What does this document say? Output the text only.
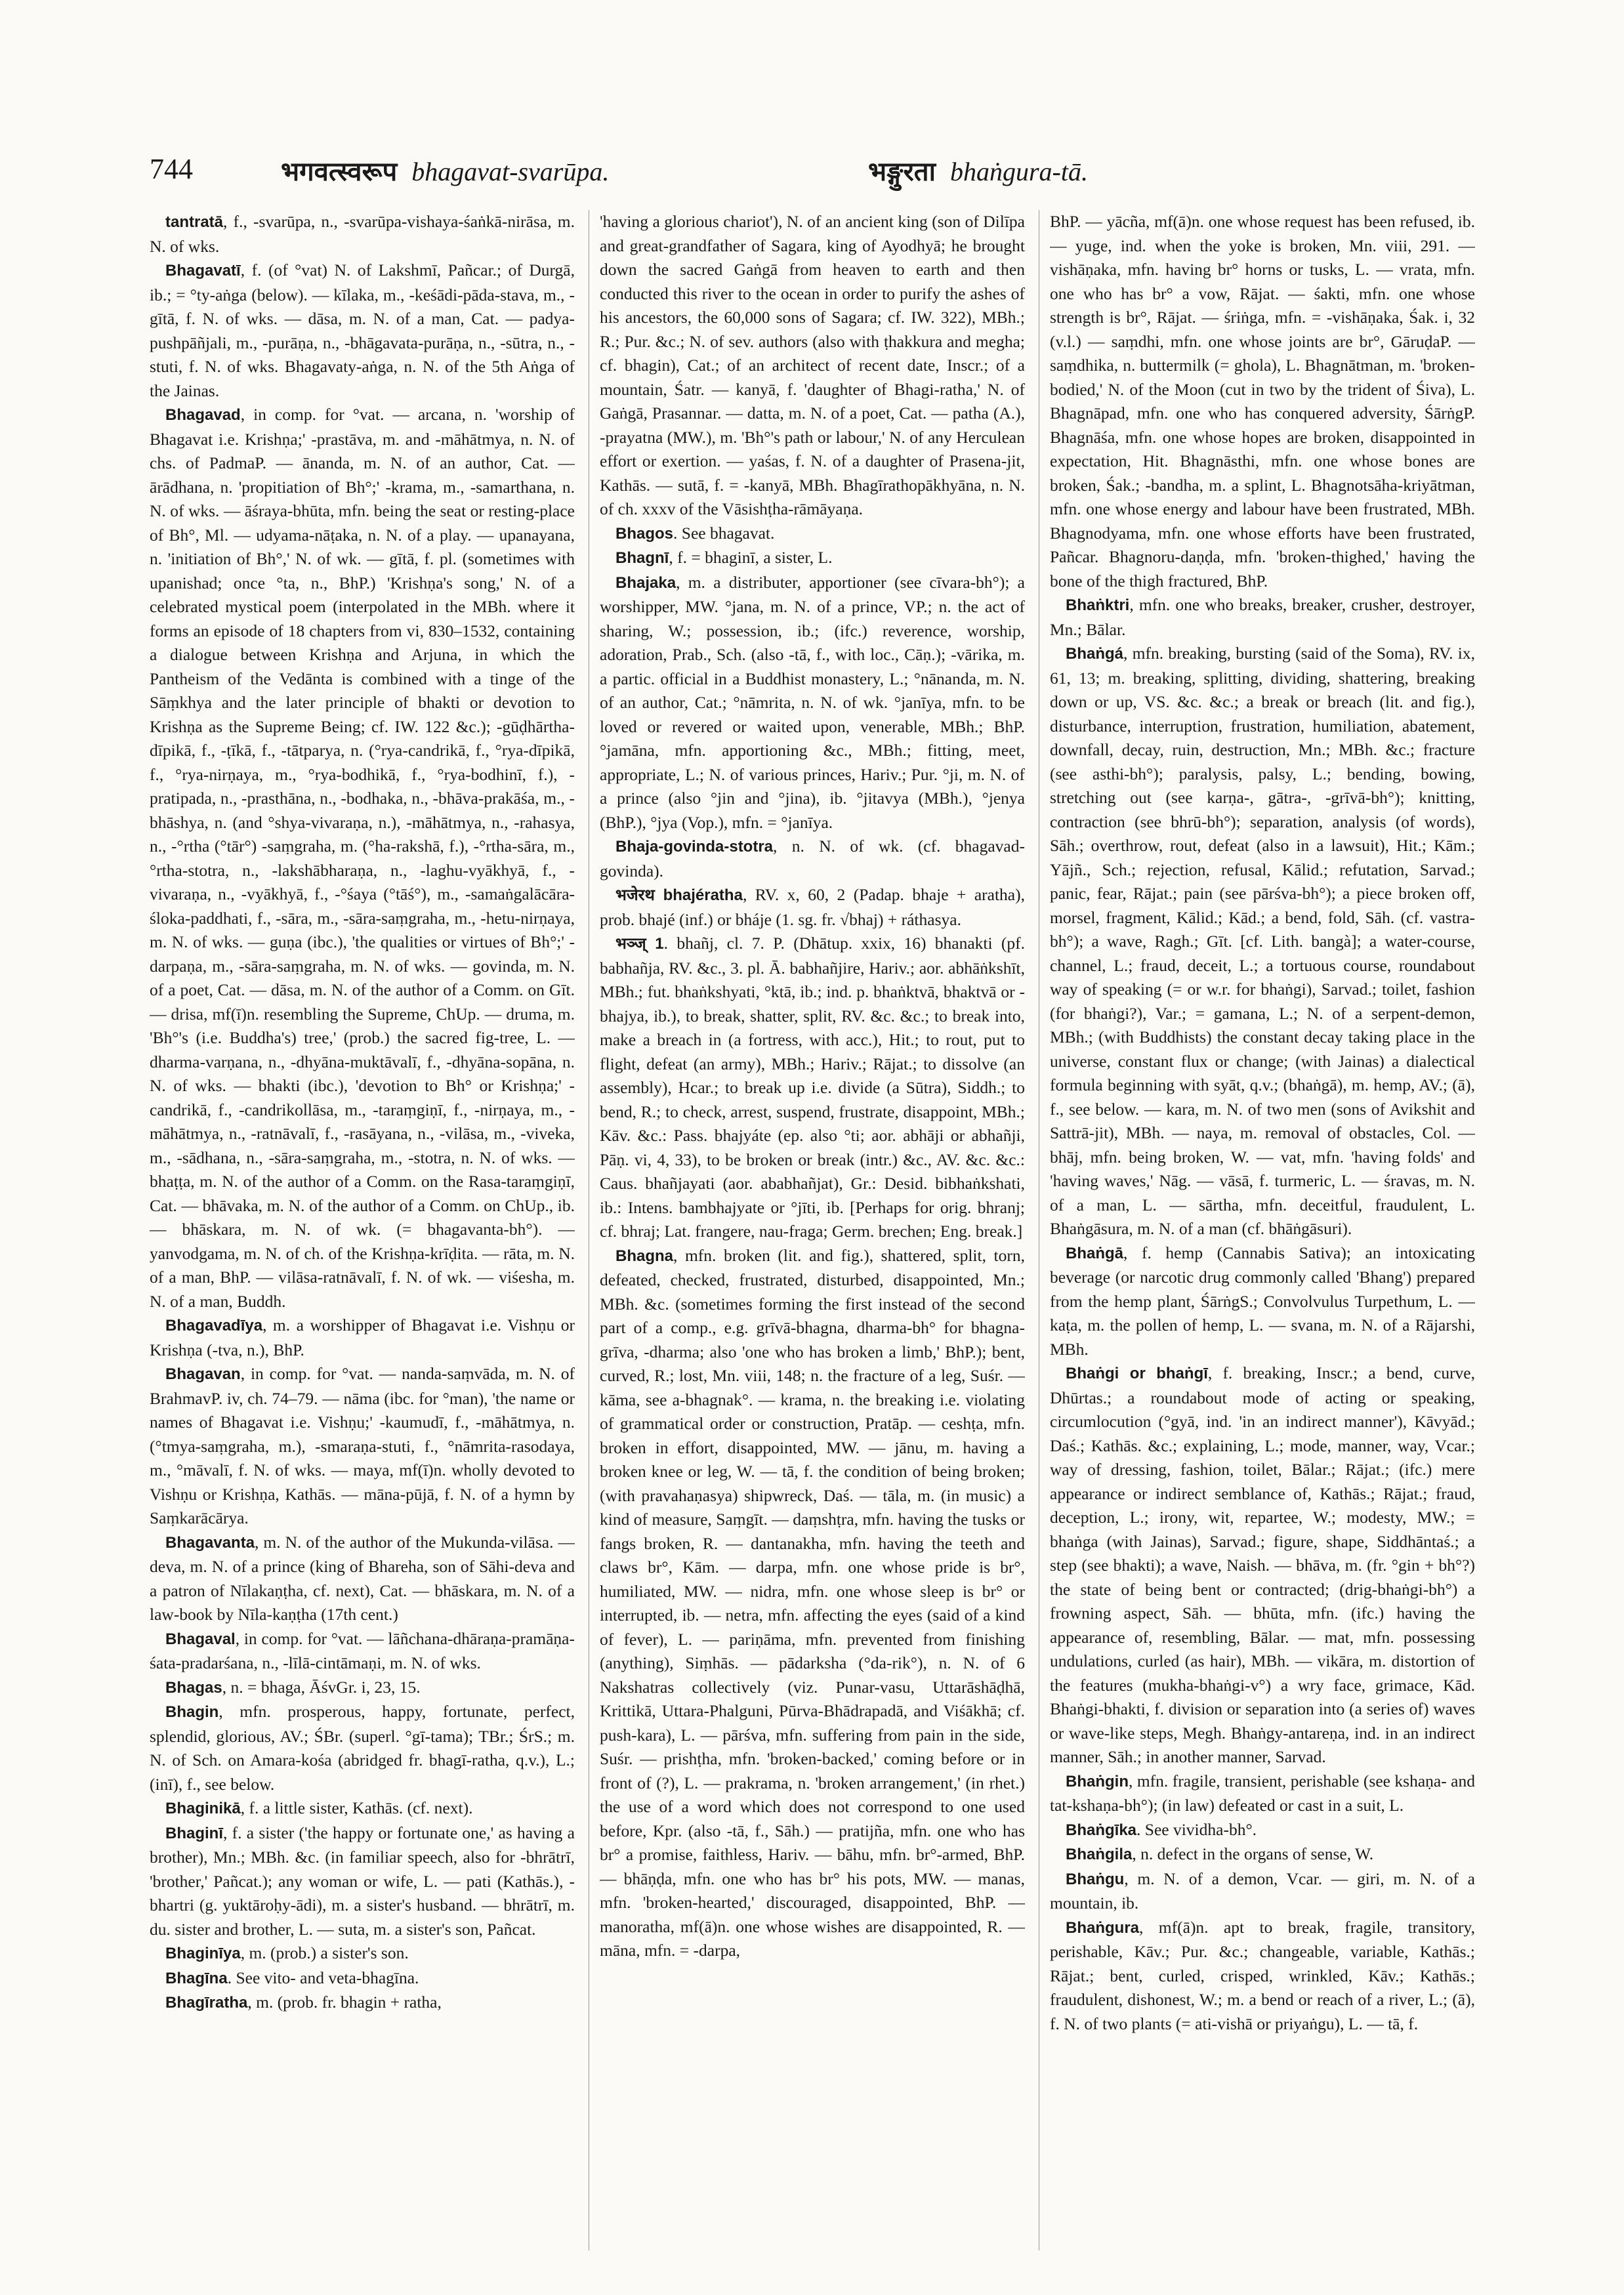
744	भगवत्स्वरूप bhagavat-svarūpa.	भङ्गुरता bhaṅgura-tā.

tantratā, f., -svarūpa, n., -svarūpa-vishaya-śaṅkā-nirāsa, m. N. of wks.

Bhagavatī, f. (of °vat) N. of Lakshmī, Pañcar.; of Durgā, ib.; = °ty-aṅga (below). — kīlaka, m., -keśādi-pāda-stava, m., -gītā, f. N. of wks. — dāsa, m. N. of a man, Cat. — padya-pushpāñjali, m., -purāṇa, n., -bhāgavata-purāṇa, n., -sūtra, n., -stuti, f. N. of wks. Bhagavaty-aṅga, n. N. of the 5th Aṅga of the Jainas.

Bhagavad, in comp. for °vat. — arcana, n. 'worship of Bhagavat i.e. Krishṇa;' -prastāva, m. and -māhātmya, n. N. of chs. of PadmaP. — ānanda, m. N. of an author, Cat. — ārādhana, n. 'propitiation of Bh°;' -krama, m., -samarthana, n. N. of wks. — āśraya-bhūta, mfn. being the seat or resting-place of Bh°, Ml. — udyama-nāṭaka, n. N. of a play. — upanayana, n. 'initiation of Bh°,' N. of wk. — gītā, f. pl. (sometimes with upanishad; once °ta, n., BhP.) 'Krishṇa's song,' N. of a celebrated mystical poem (interpolated in the MBh. where it forms an episode of 18 chapters from vi, 830–1532, containing a dialogue between Krishṇa and Arjuna, in which the Pantheism of the Vedānta is combined with a tinge of the Sāṃkhya and the later principle of bhakti or devotion to Krishṇa as the Supreme Being; cf. IW. 122 &c.); -gūḍhārtha-dīpikā, f., -ṭīkā, f., -tātparya, n. (°rya-candrikā, f., °rya-dīpikā, f., °rya-nirṇaya, m., °rya-bodhikā, f., °rya-bodhinī, f.), -pratipada, n., -prasthāna, n., -bodhaka, n., -bhāva-prakāśa, m., -bhāshya, n. (and °shya-vivaraṇa, n.), -māhātmya, n., -rahasya, n., -°rtha (°tār°) -saṃgraha, m. (°ha-rakshā, f.), -°rtha-sāra, m., °rtha-stotra, n., -lakshābharaṇa, n., -laghu-vyākhyā, f., -vivaraṇa, n., -vyākhyā, f., -°śaya (°tāś°), m., -samaṅgalācāra-śloka-paddhati, f., -sāra, m., -sāra-saṃgraha, m., -hetu-nirṇaya, m. N. of wks. — guṇa (ibc.), 'the qualities or virtues of Bh°;' -darpaṇa, m., -sāra-saṃgraha, m. N. of wks. — govinda, m. N. of a poet, Cat. — dāsa, m. N. of the author of a Comm. on Gīt. — drisa, mf(ī)n. resembling the Supreme, ChUp. — druma, m. 'Bh°'s (i.e. Buddha's) tree,' (prob.) the sacred fig-tree, L. — dharma-varṇana, n., -dhyāna-muktāvalī, f., -dhyāna-sopāna, n. N. of wks. — bhakti (ibc.), 'devotion to Bh° or Krishṇa;' -candrikā, f., -candrikollāsa, m., -taraṃgiṇī, f., -nirṇaya, m., -māhātmya, n., -ratnāvalī, f., -rasāyana, n., -vilāsa, m., -viveka, m., -sādhana, n., -sāra-saṃgraha, m., -stotra, n. N. of wks. — bhaṭṭa, m. N. of the author of a Comm. on the Rasa-taraṃgiṇī, Cat. — bhāvaka, m. N. of the author of a Comm. on ChUp., ib. — bhāskara, m. N. of wk. (= bhagavanta-bh°). — yanvodgama, m. N. of ch. of the Krishṇa-krīḍita. — rāta, m. N. of a man, BhP. — vilāsa-ratnāvalī, f. N. of wk. — viśesha, m. N. of a man, Buddh.

Bhagavadīya, m. a worshipper of Bhagavat i.e. Vishṇu or Krishṇa (-tva, n.), BhP.

Bhagavan, in comp. for °vat. — nanda-saṃvāda, m. N. of BrahmavP. iv, ch. 74–79. — nāma (ibc. for °man), 'the name or names of Bhagavat i.e. Vishṇu;' -kaumudī, f., -māhātmya, n. (°tmya-saṃgraha, m.), -smaraṇa-stuti, f., °nāmrita-rasodaya, m., °māvalī, f. N. of wks. — maya, mf(ī)n. wholly devoted to Vishṇu or Krishṇa, Kathās. — māna-pūjā, f. N. of a hymn by Saṃkarācārya.

Bhagavanta, m. N. of the author of the Mukunda-vilāsa. — deva, m. N. of a prince (king of Bhareha, son of Sāhi-deva and a patron of Nīlakaṇṭha, cf. next), Cat. — bhāskara, m. N. of a law-book by Nīla-kaṇṭha (17th cent.)

Bhagaval, in comp. for °vat. — lāñchana-dhāraṇa-pramāṇa-śata-pradarśana, n., -līlā-cintāmaṇi, m. N. of wks.

Bhagas, n. = bhaga, ĀśvGr. i, 23, 15.

Bhagin, mfn. prosperous, happy, fortunate, perfect, splendid, glorious, AV.; ŚBr. (superl. °gī-tama); TBr.; ŚrS.; m. N. of Sch. on Amara-kośa (abridged fr. bhagī-ratha, q.v.), L.; (inī), f., see below.

Bhaginikā, f. a little sister, Kathās. (cf. next).

Bhaginī, f. a sister ('the happy or fortunate one,' as having a brother), Mn.; MBh. &c. (in familiar speech, also for -bhrātrī, 'brother,' Pañcat.); any woman or wife, L. — pati (Kathās.), -bhartri (g. yuktāroḥy-ādi), m. a sister's husband. — bhrātrī, m. du. sister and brother, L. — suta, m. a sister's son, Pañcat.

Bhaginīya, m. (prob.) a sister's son.

Bhagīna. See vito- and veta-bhagīna.

Bhagīratha, m. (prob. fr. bhagin + ratha,

'having a glorious chariot'), N. of an ancient king (son of Dilīpa and great-grandfather of Sagara, king of Ayodhyā; he brought down the sacred Gaṅgā from heaven to earth and then conducted this river to the ocean in order to purify the ashes of his ancestors, the 60,000 sons of Sagara; cf. IW. 322), MBh.; R.; Pur. &c.; N. of sev. authors (also with ṭhakkura and megha; cf. bhagin), Cat.; of an architect of recent date, Inscr.; of a mountain, Śatr. — kanyā, f. 'daughter of Bhagi-ratha,' N. of Gaṅgā, Prasannar. — datta, m. N. of a poet, Cat. — patha (A.), -prayatna (MW.), m. 'Bh°'s path or labour,' N. of any Herculean effort or exertion. — yaśas, f. N. of a daughter of Prasena-jit, Kathās. — sutā, f. = -kanyā, MBh. Bhagīrathopākhyāna, n. N. of ch. xxxv of the Vāsishṭha-rāmāyaṇa.

Bhagos. See bhagavat.

Bhagnī, f. = bhaginī, a sister, L.

Bhajaka, m. a distributer, apportioner (see cīvara-bh°); a worshipper, MW. °jana, m. N. of a prince, VP.; n. the act of sharing, W.; possession, ib.; (ifc.) reverence, worship, adoration, Prab., Sch. (also -tā, f., with loc., Cāṇ.); -vārika, m. a partic. official in a Buddhist monastery, L.; °nānanda, m. N. of an author, Cat.; °nāmrita, n. N. of wk. °janīya, mfn. to be loved or revered or waited upon, venerable, MBh.; BhP. °jamāna, mfn. apportioning &c., MBh.; fitting, meet, appropriate, L.; N. of various princes, Hariv.; Pur. °ji, m. N. of a prince (also °jin and °jina), ib. °jitavya (MBh.), °jenya (BhP.), °jya (Vop.), mfn. = °janīya.

Bhaja-govinda-stotra, n. N. of wk. (cf. bhagavad-govinda).

भजेरथ bhajératha, RV. x, 60, 2 (Padap. bhaje + aratha), prob. bhajé (inf.) or bháje (1. sg. fr. √bhaj) + ráthasya.

भञ्ज् 1. bhañj, cl. 7. P. (Dhātup. xxix, 16) bhanakti (pf. babhañja, RV. &c., 3. pl. Ā. babhañjire, Hariv.; aor. abhāṅkshīt, MBh.; fut. bhaṅkshyati, °ktā, ib.; ind. p. bhaṅktvā, bhaktvā or -bhajya, ib.), to break, shatter, split, RV. &c. &c.; to break into, make a breach in (a fortress, with acc.), Hit.; to rout, put to flight, defeat (an army), MBh.; Hariv.; Rājat.; to dissolve (an assembly), Hcar.; to break up i.e. divide (a Sūtra), Siddh.; to bend, R.; to check, arrest, suspend, frustrate, disappoint, MBh.; Kāv. &c.: Pass. bhajyáte (ep. also °ti; aor. abhāji or abhañji, Pāṇ. vi, 4, 33), to be broken or break (intr.) &c., AV. &c. &c.: Caus. bhañjayati (aor. ababhañjat), Gr.: Desid. bibhaṅkshati, ib.: Intens. bambhajyate or °jīti, ib. [Perhaps for orig. bhranj; cf. bhraj; Lat. frangere, nau-fraga; Germ. brechen; Eng. break.]

Bhagna, mfn. broken (lit. and fig.), shattered, split, torn, defeated, checked, frustrated, disturbed, disappointed, Mn.; MBh. &c. (sometimes forming the first instead of the second part of a comp., e.g. grīvā-bhagna, dharma-bh° for bhagna-grīva, -dharma; also 'one who has broken a limb,' BhP.); bent, curved, R.; lost, Mn. viii, 148; n. the fracture of a leg, Suśr. — kāma, see a-bhagnak°. — krama, n. the breaking i.e. violating of grammatical order or construction, Pratāp. — ceshṭa, mfn. broken in effort, disappointed, MW. — jānu, m. having a broken knee or leg, W. — tā, f. the condition of being broken; (with pravahaṇasya) shipwreck, Daś. — tāla, m. (in music) a kind of measure, Saṃgīt. — daṃshṭra, mfn. having the tusks or fangs broken, R. — dantanakha, mfn. having the teeth and claws br°, Kām. — darpa, mfn. one whose pride is br°, humiliated, MW. — nidra, mfn. one whose sleep is br° or interrupted, ib. — netra, mfn. affecting the eyes (said of a kind of fever), L. — pariṇāma, mfn. prevented from finishing (anything), Siṃhās. — pādarksha (°da-rik°), n. N. of 6 Nakshatras collectively (viz. Punar-vasu, Uttarāshāḍhā, Krittikā, Uttara-Phalguni, Pūrva-Bhādrapadā, and Viśākhā; cf. push-kara), L. — pārśva, mfn. suffering from pain in the side, Suśr. — prishṭha, mfn. 'broken-backed,' coming before or in front of (?), L. — prakrama, n. 'broken arrangement,' (in rhet.) the use of a word which does not correspond to one used before, Kpr. (also -tā, f., Sāh.) — pratijña, mfn. one who has br° a promise, faithless, Hariv. — bāhu, mfn. br°-armed, BhP. — bhāṇḍa, mfn. one who has br° his pots, MW. — manas, mfn. 'broken-hearted,' discouraged, disappointed, BhP. — manoratha, mf(ā)n. one whose wishes are disappointed, R. — māna, mfn. = -darpa,

BhP. — yācña, mf(ā)n. one whose request has been refused, ib. — yuge, ind. when the yoke is broken, Mn. viii, 291. — vishāṇaka, mfn. having br° horns or tusks, L. — vrata, mfn. one who has br° a vow, Rājat. — śakti, mfn. one whose strength is br°, Rājat. — śriṅga, mfn. = -vishāṇaka, Śak. i, 32 (v.l.) — saṃdhi, mfn. one whose joints are br°, GāruḍaP. — saṃdhika, n. buttermilk (= ghola), L. Bhagnātman, m. 'broken-bodied,' N. of the Moon (cut in two by the trident of Śiva), L. Bhagnāpad, mfn. one who has conquered adversity, ŚārṅgP. Bhagnāśa, mfn. one whose hopes are broken, disappointed in expectation, Hit. Bhagnāsthi, mfn. one whose bones are broken, Śak.; -bandha, m. a splint, L. Bhagnotsāha-kriyātman, mfn. one whose energy and labour have been frustrated, MBh. Bhagnodyama, mfn. one whose efforts have been frustrated, Pañcar. Bhagnoru-daṇḍa, mfn. 'broken-thighed,' having the bone of the thigh fractured, BhP.

Bhaṅktri, mfn. one who breaks, breaker, crusher, destroyer, Mn.; Bālar.

Bhaṅgá, mfn. breaking, bursting (said of the Soma), RV. ix, 61, 13; m. breaking, splitting, dividing, shattering, breaking down or up, VS. &c. &c.; a break or breach (lit. and fig.), disturbance, interruption, frustration, humiliation, abatement, downfall, decay, ruin, destruction, Mn.; MBh. &c.; fracture (see asthi-bh°); paralysis, palsy, L.; bending, bowing, stretching out (see karṇa-, gātra-, -grīvā-bh°); knitting, contraction (see bhrū-bh°); separation, analysis (of words), Sāh.; overthrow, rout, defeat (also in a lawsuit), Hit.; Kām.; Yājñ., Sch.; rejection, refusal, Kālid.; refutation, Sarvad.; panic, fear, Rājat.; pain (see pārśva-bh°); a piece broken off, morsel, fragment, Kālid.; Kād.; a bend, fold, Sāh. (cf. vastra-bh°); a wave, Ragh.; Gīt. [cf. Lith. bangà]; a water-course, channel, L.; fraud, deceit, L.; a tortuous course, roundabout way of speaking (= or w.r. for bhaṅgi), Sarvad.; toilet, fashion (for bhaṅgi?), Var.; = gamana, L.; N. of a serpent-demon, MBh.; (with Buddhists) the constant decay taking place in the universe, constant flux or change; (with Jainas) a dialectical formula beginning with syāt, q.v.; (bhaṅgā), m. hemp, AV.; (ā), f., see below. — kara, m. N. of two men (sons of Avikshit and Sattrā-jit), MBh. — naya, m. removal of obstacles, Col. — bhāj, mfn. being broken, W. — vat, mfn. 'having folds' and 'having waves,' Nāg. — vāsā, f. turmeric, L. — śravas, m. N. of a man, L. — sārtha, mfn. deceitful, fraudulent, L. Bhaṅgāsura, m. N. of a man (cf. bhāṅgāsuri).

Bhaṅgā, f. hemp (Cannabis Sativa); an intoxicating beverage (or narcotic drug commonly called 'Bhang') prepared from the hemp plant, ŚārṅgS.; Convolvulus Turpethum, L. — kaṭa, m. the pollen of hemp, L. — svana, m. N. of a Rājarshi, MBh.

Bhaṅgi or bhaṅgī, f. breaking, Inscr.; a bend, curve, Dhūrtas.; a roundabout mode of acting or speaking, circumlocution (°gyā, ind. 'in an indirect manner'), Kāvyād.; Daś.; Kathās. &c.; explaining, L.; mode, manner, way, Vcar.; way of dressing, fashion, toilet, Bālar.; Rājat.; (ifc.) mere appearance or indirect semblance of, Kathās.; Rājat.; fraud, deception, L.; irony, wit, repartee, W.; modesty, MW.; = bhaṅga (with Jainas), Sarvad.; figure, shape, Siddhāntaś.; a step (see bhakti); a wave, Naish. — bhāva, m. (fr. °gin + bh°?) the state of being bent or contracted; (drig-bhaṅgi-bh°) a frowning aspect, Sāh. — bhūta, mfn. (ifc.) having the appearance of, resembling, Bālar. — mat, mfn. possessing undulations, curled (as hair), MBh. — vikāra, m. distortion of the features (mukha-bhaṅgi-v°) a wry face, grimace, Kād. Bhaṅgi-bhakti, f. division or separation into (a series of) waves or wave-like steps, Megh. Bhaṅgy-antareṇa, ind. in an indirect manner, Sāh.; in another manner, Sarvad.

Bhaṅgin, mfn. fragile, transient, perishable (see kshaṇa- and tat-kshaṇa-bh°); (in law) defeated or cast in a suit, L.

Bhaṅgīka. See vividha-bh°.

Bhaṅgila, n. defect in the organs of sense, W.

Bhaṅgu, m. N. of a demon, Vcar. — giri, m. N. of a mountain, ib.

Bhaṅgura, mf(ā)n. apt to break, fragile, transitory, perishable, Kāv.; Pur. &c.; changeable, variable, Kathās.; Rājat.; bent, curled, crisped, wrinkled, Kāv.; Kathās.; fraudulent, dishonest, W.; m. a bend or reach of a river, L.; (ā), f. N. of two plants (= ati-vishā or priyaṅgu), L. — tā, f.
